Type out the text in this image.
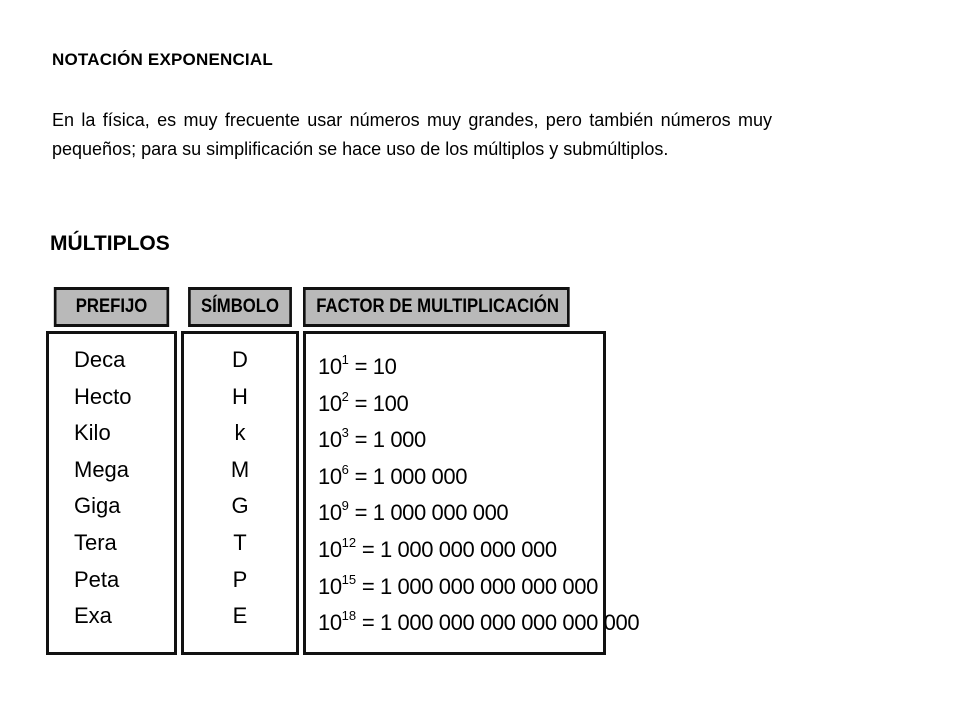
NOTACIÓN EXPONENCIAL
En la física, es muy frecuente usar números muy grandes, pero también números muy pequeños; para su simplificación se hace uso de los múltiplos y submúltiplos.
MÚLTIPLOS
PREFIJO
Deca
Hecto
Kilo
Mega
Giga
Tera
Peta
Exa
SÍMBOLO
D
H
k
M
G
T
P
E
FACTOR DE MULTIPLICACIÓN
$10^1 = 10$
$10^2 = 100$
$10^3 = 1$ 000
$10^6 = 1$ 000 000
$10^9 = 1$ 000 000 000
$10^{12} = 1$ 000 000 000 000
$10^{15} = 1$ 000 000 000 000 000
$10^{18} = 1$ 000 000 000 000 000 000
